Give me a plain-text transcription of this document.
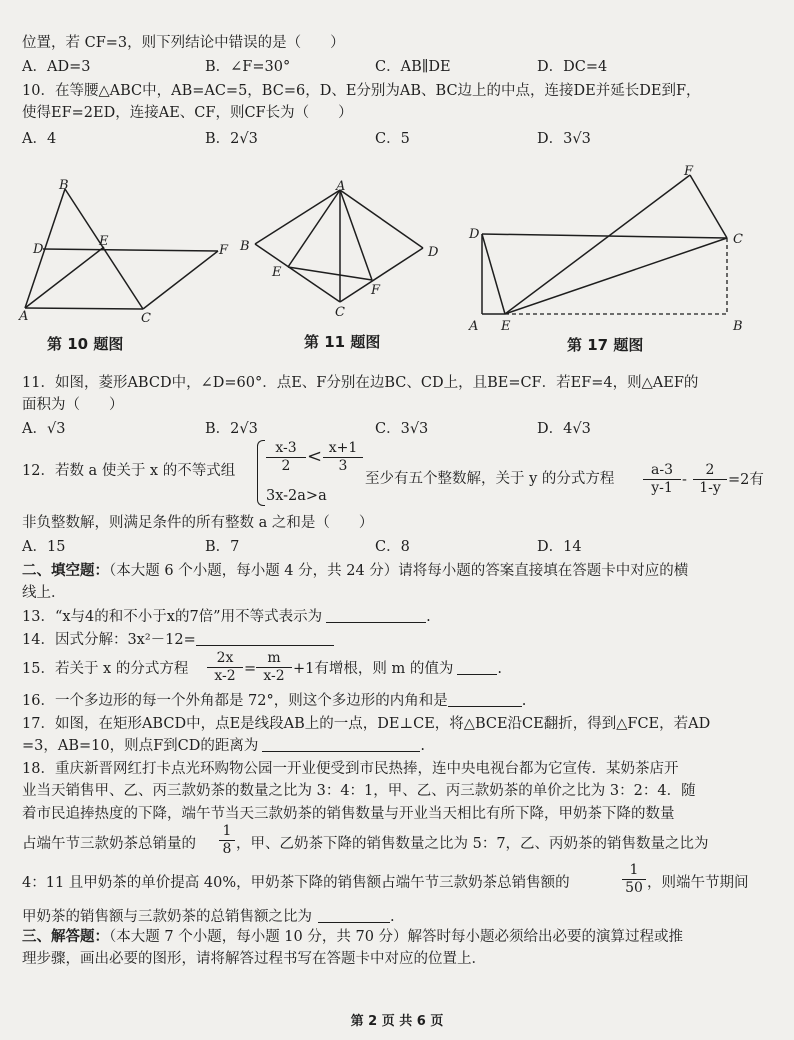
位置，若 CF=3，则下列结论中错误的是（　　）
A．AD=3	B．∠F=30°	C．AB∥DE	D．DC=4
10．在等腰△ABC中，AB=AC=5，BC=6，D、E分别为AB、BC边上的中点，连接DE并延长DE到F，
使得EF=2ED，连接AE、CF，则CF长为（　　）
A．4	B．2√3	C．5	D．3√3
B
D
E
F
A	C
第 10 题图
A
B	D
E
F
C
第 11 题图
F
D	C
A E	B
第 17 题图
11．如图，菱形ABCD中，∠D=60°．点E、F分别在边BC、CD上，且BE=CF．若EF=4，则△AEF的
面积为（　　）
A．√3	B．2√3	C．3√3	D．4√3
12．若数 a 使关于 x 的不等式组 $\frac{x-3}{2} < \frac{x+1}{3}$
3x-2a>a
至少有五个整数解，关于 y 的分式方程 $\frac{a-3}{y-1} - \frac{2}{1-y} =2$有
非负整数解，则满足条件的所有整数 a 之和是（　　）
A．15	B．7	C．8	D．14
二、填空题：（本大题 6 个小题，每小题 4 分，共 24 分）请将每小题的答案直接填在答题卡中对应的横
线上．
13．“x与4的和不小于x的7倍”用不等式表示为	.
14．因式分解：3x²－12=
15．若关于 x 的分式方程 $\frac{2x}{x-2} = \frac{m}{x-2} +1$有增根，则 m 的值为	.
16．一个多边形的每一个外角都是 72°，则这个多边形的内角和是	.
17．如图，在矩形ABCD中，点E是线段AB上的一点，DE⊥CE，将△BCE沿CE翻折，得到△FCE，若AD
=3，AB=10，则点F到CD的距离为	.
18．重庆新晋网红打卡点光环购物公园一开业便受到市民热捧，连中央电视台都为它宣传．某奶茶店开
业当天销售甲、乙、丙三款奶茶的数量之比为 3：4：1，甲、乙、丙三款奶茶的单价之比为 3：2：4．随
着市民追捧热度的下降，端午节当天三款奶茶的销售数量与开业当天相比有所下降，甲奶茶下降的数量
占端午节三款奶茶总销量的 $\frac{1}{8}$ ，甲、乙奶茶下降的销售数量之比为 5：7，乙、丙奶茶的销售数量之比为
4：11 且甲奶茶的单价提高 40%，甲奶茶下降的销售额占端午节三款奶茶总销售额的	$\frac{1}{50}$ ，则端午节期间
甲奶茶的销售额与三款奶茶的总销售额之比为	.
三、解答题：（本大题 7 个小题，每小题 10 分，共 70 分）解答时每小题必须给出必要的演算过程或推
理步骤，画出必要的图形，请将解答过程书写在答题卡中对应的位置上．
第 2 页 共 6 页
